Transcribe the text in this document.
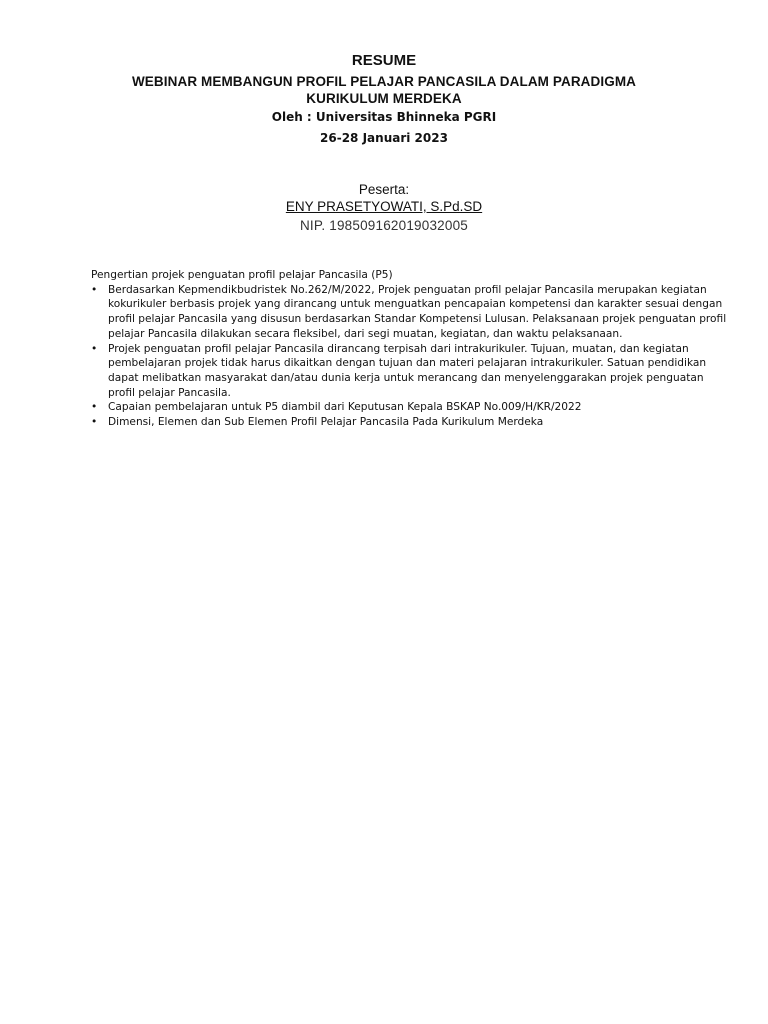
RESUME
WEBINAR MEMBANGUN PROFIL PELAJAR PANCASILA DALAM PARADIGMA KURIKULUM MERDEKA
Oleh : Universitas Bhinneka PGRI
26-28 Januari 2023
Peserta:
ENY PRASETYOWATI, S.Pd.SD
NIP. 198509162019032005

Pengertian projek penguatan profil pelajar Pancasila (P5)

• Berdasarkan Kepmendikbudristek No.262/M/2022, Projek penguatan profil pelajar Pancasila merupakan kegiatan kokurikuler berbasis projek yang dirancang untuk menguatkan pencapaian kompetensi dan karakter sesuai dengan profil pelajar Pancasila yang disusun berdasarkan Standar Kompetensi Lulusan. Pelaksanaan projek penguatan profil pelajar Pancasila dilakukan secara fleksibel, dari segi muatan, kegiatan, dan waktu pelaksanaan.
• Projek penguatan profil pelajar Pancasila dirancang terpisah dari intrakurikuler. Tujuan, muatan, dan kegiatan pembelajaran projek tidak harus dikaitkan dengan tujuan dan materi pelajaran intrakurikuler. Satuan pendidikan dapat melibatkan masyarakat dan/atau dunia kerja untuk merancang dan menyelenggarakan projek penguatan profil pelajar Pancasila.
• Capaian pembelajaran untuk P5 diambil dari Keputusan Kepala BSKAP No.009/H/KR/2022
• Dimensi, Elemen dan Sub Elemen Profil Pelajar Pancasila Pada Kurikulum Merdeka
